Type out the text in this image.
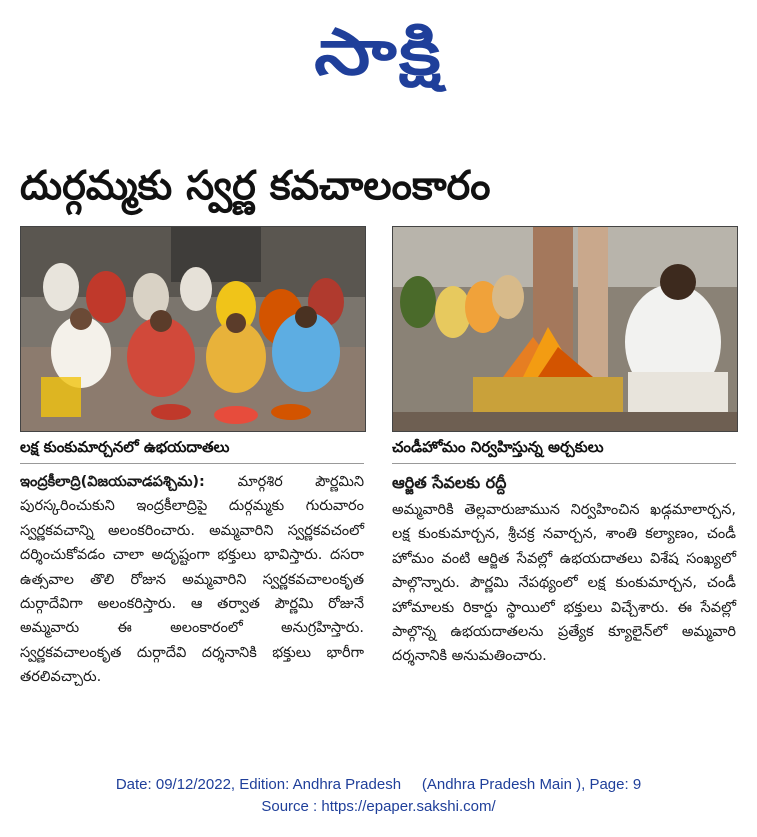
సాక్షి
దుర్గమ్మకు స్వర్ణ కవచాలంకారం
లక్ష కుంకుమార్చనలో ఉభయదాతలు	చండీహోమం నిర్వహిస్తున్న అర్చకులు
ఇంద్రకీలాద్రి(విజయవాడపశ్చిమ): మార్గశిర పౌర్ణమిని పురస్కరించుకుని ఇంద్రకీలాద్రిపై దుర్గమ్మకు గురువారం స్వర్ణకవచాన్ని అలంకరించారు. అమ్మవారిని స్వర్ణకవచంలో దర్శించుకోవడం చాలా అదృష్టంగా భక్తులు భావిస్తారు. దసరా ఉత్సవాల తొలి రోజున అమ్మవారిని స్వర్ణకవచాలంకృత దుర్గాదేవిగా అలంకరిస్తారు. ఆ తర్వాత పౌర్ణమి రోజునే అమ్మవారు ఈ అలంకారంలో అనుగ్రహిస్తారు. స్వర్ణకవచాలంకృత దుర్గాదేవి దర్శనానికి భక్తులు భారీగా తరలివచ్చారు.
ఆర్జిత సేవలకు రద్దీ
అమ్మవారికి తెల్లవారుజామున నిర్వహించిన ఖడ్గమాలార్చన, లక్ష కుంకుమార్చన, శ్రీచక్ర నవార్చన, శాంతి కల్యాణం, చండీ హోమం వంటి ఆర్జిత సేవల్లో ఉభయదాతలు విశేష సంఖ్యలో పాల్గొన్నారు. పౌర్ణమి నేపథ్యంలో లక్ష కుంకుమార్చన, చండీ హోమాలకు రికార్డు స్థాయిలో భక్తులు విచ్చేశారు. ఈ సేవల్లో పాల్గొన్న ఉభయదాతలను ప్రత్యేక క్యూలైన్‌లో అమ్మవారి దర్శనానికి అనుమతించారు.
Date: 09/12/2022, Edition: Andhra Pradesh     (Andhra Pradesh Main ), Page: 9
Source : https://epaper.sakshi.com/
